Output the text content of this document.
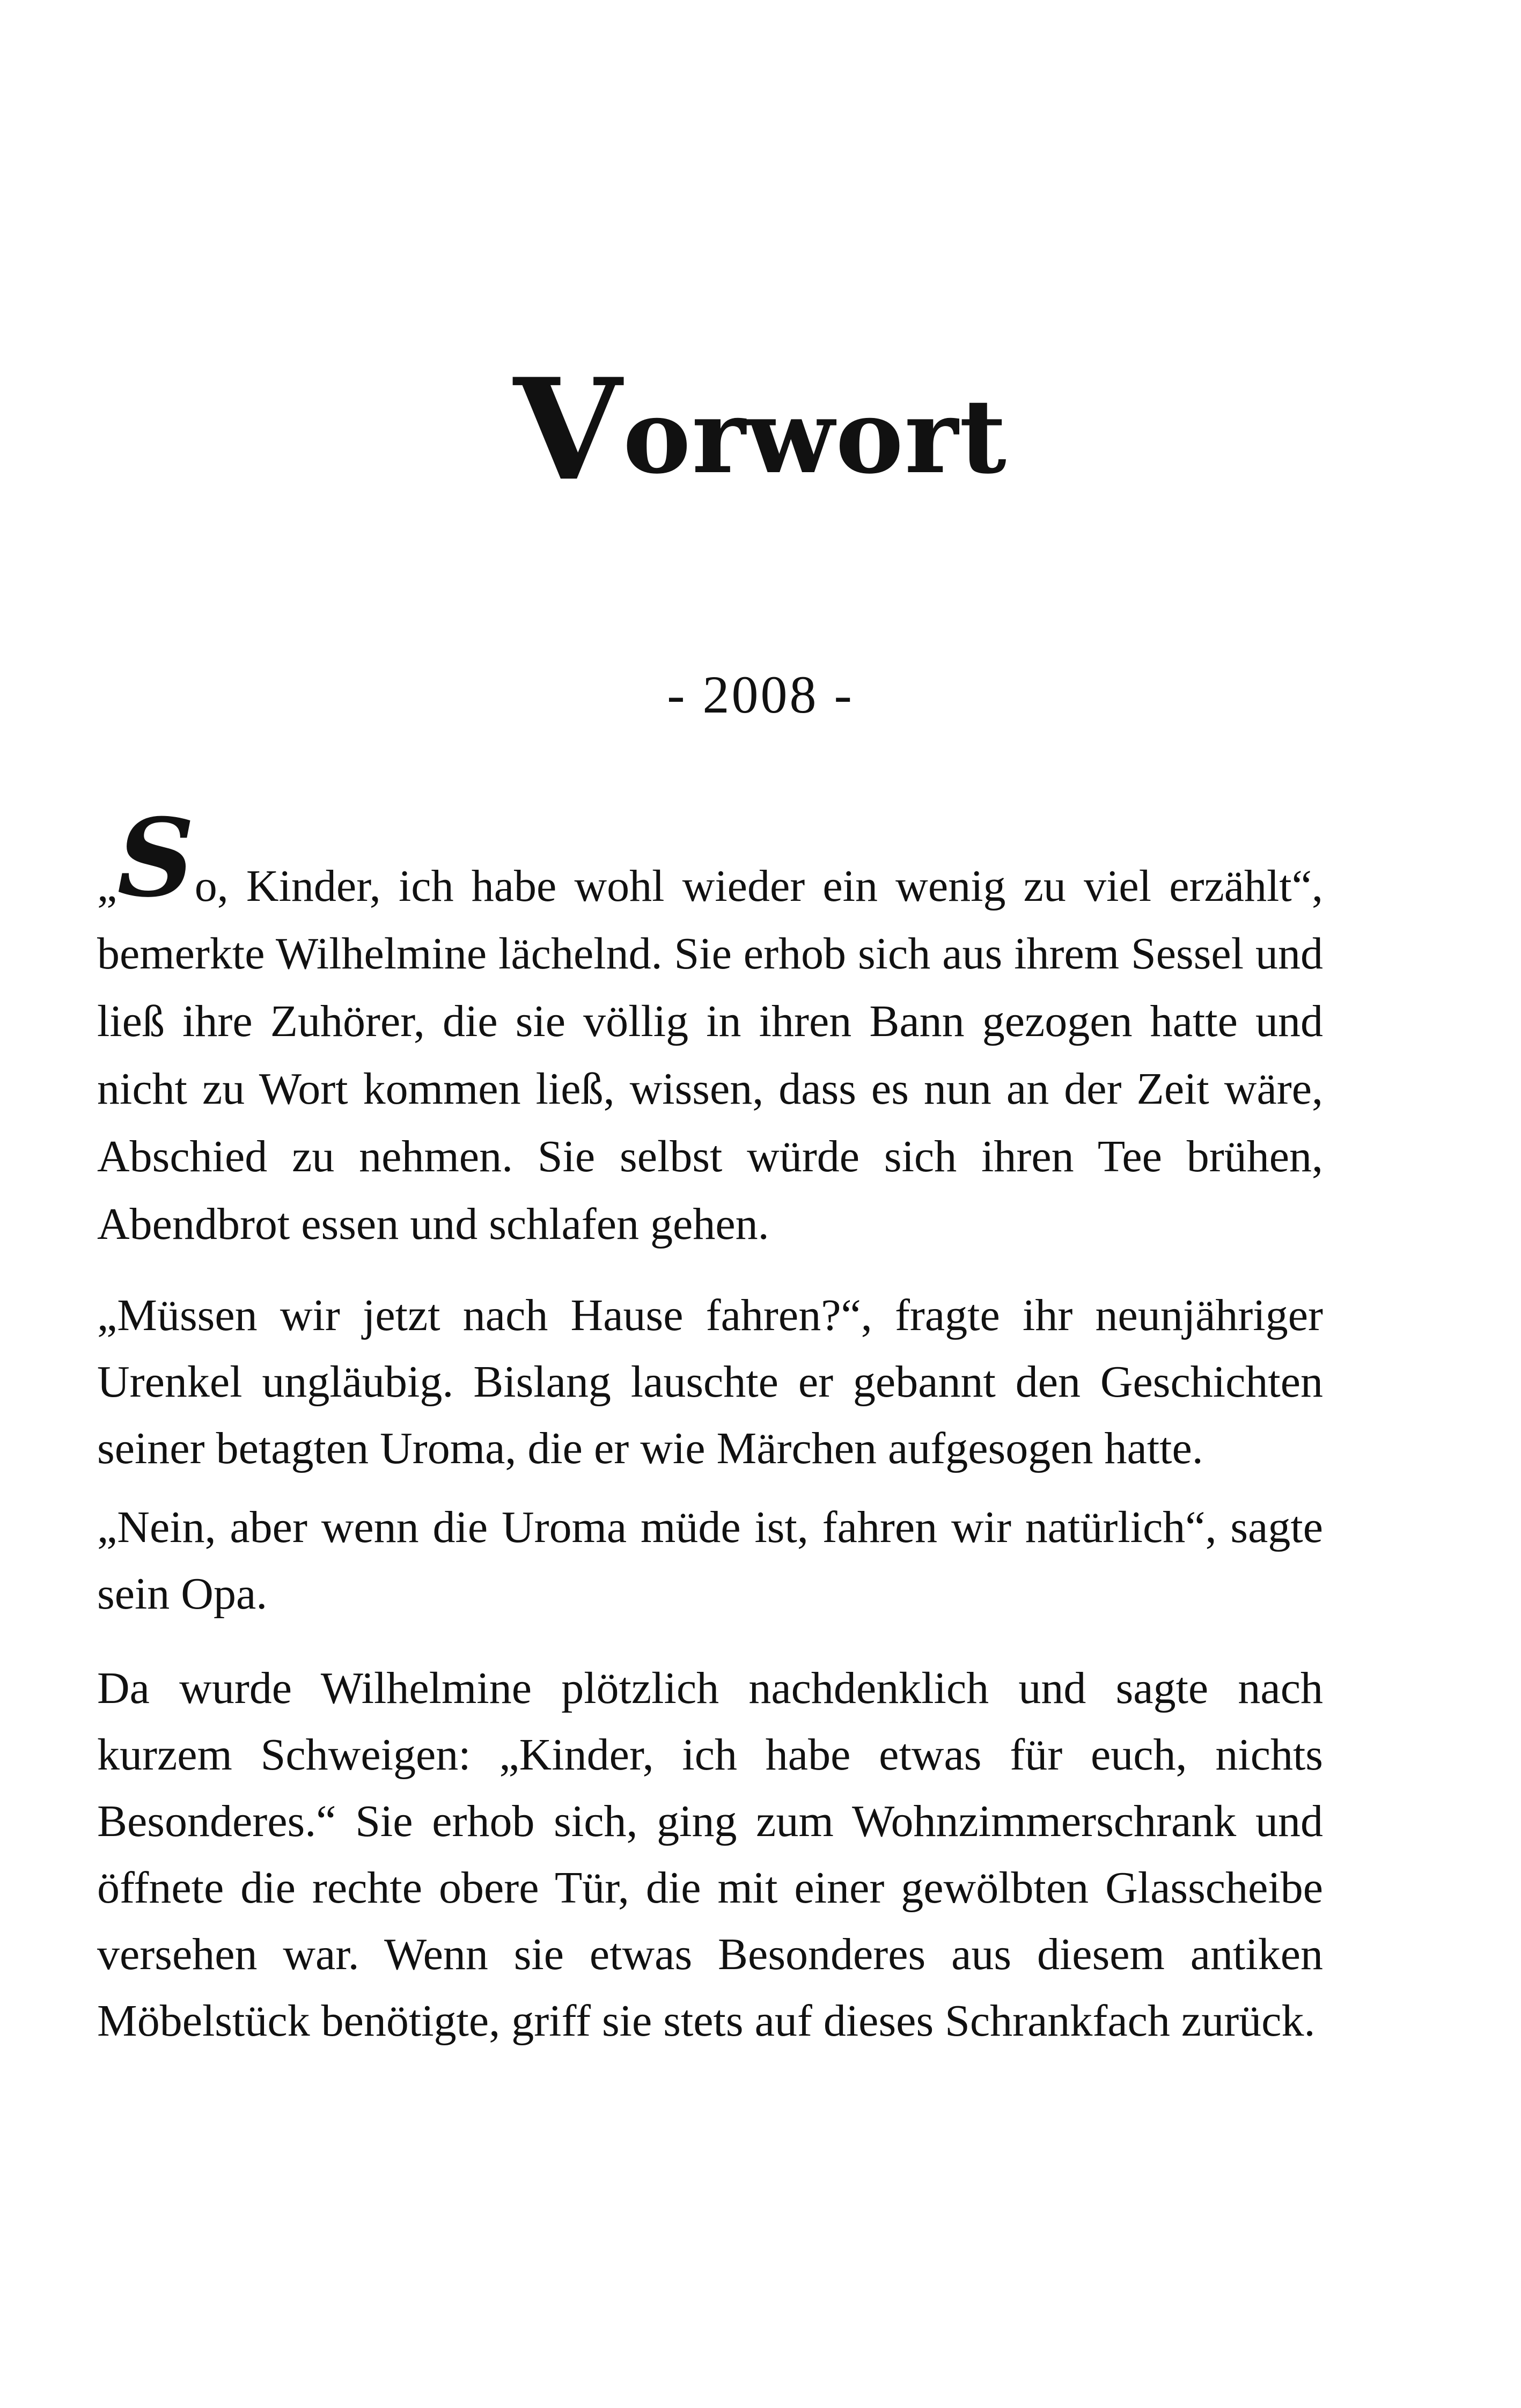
Vorwort
- 2008 -

„So, Kinder, ich habe wohl wieder ein wenig zu viel erzählt“,
bemerkte Wilhelmine lächelnd. Sie erhob sich aus ihrem Sessel und ließ ihre Zuhörer, die sie völlig in ihren Bann gezogen hatte und nicht zu Wort kommen ließ, wissen, dass es nun an der Zeit wäre, Abschied zu nehmen. Sie selbst würde sich ihren Tee brühen, Abendbrot essen und schlafen gehen.

„Müssen wir jetzt nach Hause fahren?“, fragte ihr neunjähriger Urenkel ungläubig. Bislang lauschte er gebannt den Geschichten seiner betagten Uroma, die er wie Märchen aufgesogen hatte.

„Nein, aber wenn die Uroma müde ist, fahren wir natürlich“, sagte sein Opa.

Da wurde Wilhelmine plötzlich nachdenklich und sagte nach kurzem Schweigen: „Kinder, ich habe etwas für euch, nichts Besonderes.“ Sie erhob sich, ging zum Wohnzimmerschrank und öffnete die rechte obere Tür, die mit einer gewölbten Glasscheibe versehen war. Wenn sie etwas Besonderes aus diesem antiken Möbelstück benötigte, griff sie stets auf dieses Schrankfach zurück.
